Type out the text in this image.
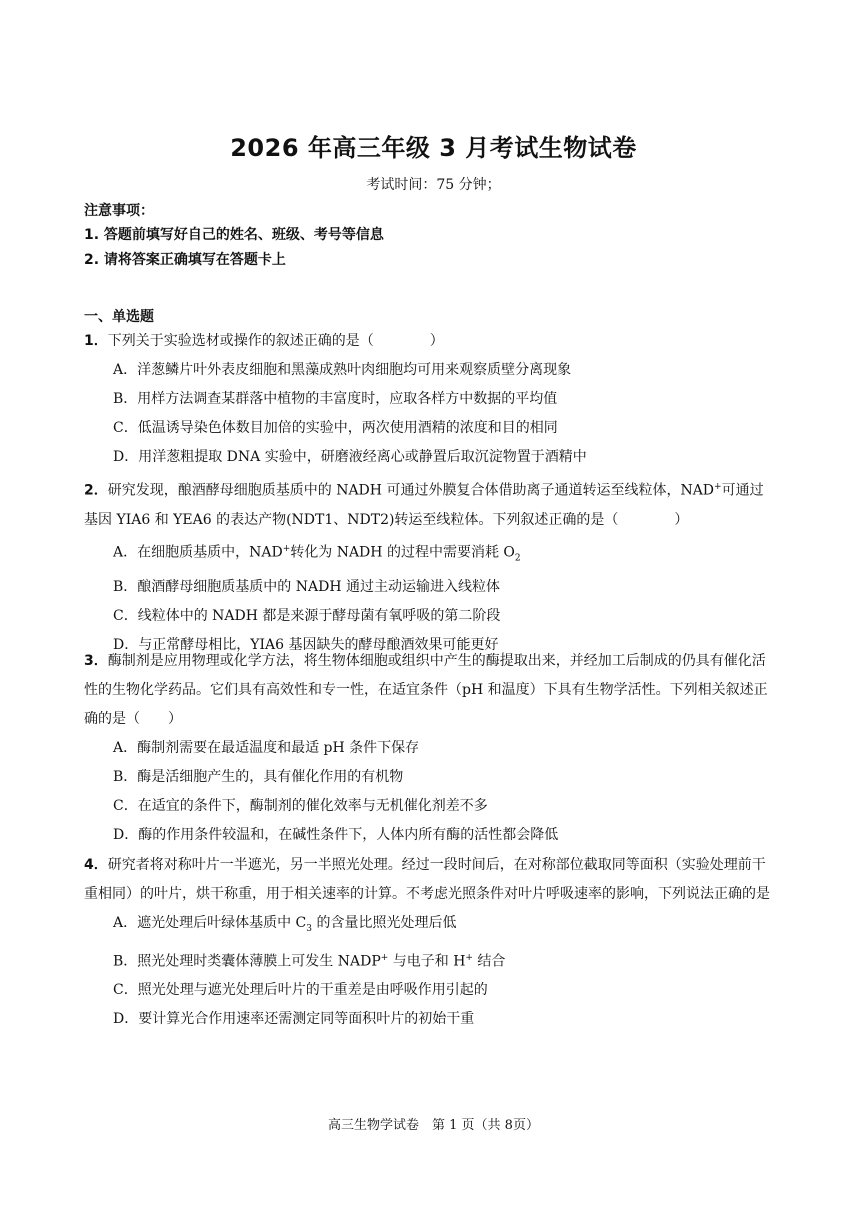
2026 年高三年级 3 月考试生物试卷
考试时间：75 分钟；
注意事项：
1. 答题前填写好自己的姓名、班级、考号等信息
2. 请将答案正确填写在答题卡上
一、单选题
1．下列关于实验选材或操作的叙述正确的是（　　　　）
A．洋葱鳞片叶外表皮细胞和黑藻成熟叶肉细胞均可用来观察质壁分离现象
B．用样方法调查某群落中植物的丰富度时，应取各样方中数据的平均值
C．低温诱导染色体数目加倍的实验中，两次使用酒精的浓度和目的相同
D．用洋葱粗提取 DNA 实验中，研磨液经离心或静置后取沉淀物置于酒精中
2．研究发现，酿酒酵母细胞质基质中的 NADH 可通过外膜复合体借助离子通道转运至线粒体，NAD+可通过基因 YIA6 和 YEA6 的表达产物(NDT1、NDT2)转运至线粒体。下列叙述正确的是（　　　　）
A．在细胞质基质中，NAD+转化为 NADH 的过程中需要消耗 $O_2$
B．酿酒酵母细胞质基质中的 NADH 通过主动运输进入线粒体
C．线粒体中的 NADH 都是来源于酵母菌有氧呼吸的第二阶段
D．与正常酵母相比，YIA6 基因缺失的酵母酿酒效果可能更好
3．酶制剂是应用物理或化学方法，将生物体细胞或组织中产生的酶提取出来，并经加工后制成的仍具有催化活性的生物化学药品。它们具有高效性和专一性，在适宜条件（pH 和温度）下具有生物学活性。下列相关叙述正确的是（　　）
A．酶制剂需要在最适温度和最适 pH 条件下保存
B．酶是活细胞产生的，具有催化作用的有机物
C．在适宜的条件下，酶制剂的催化效率与无机催化剂差不多
D．酶的作用条件较温和，在碱性条件下，人体内所有酶的活性都会降低
4．研究者将对称叶片一半遮光，另一半照光处理。经过一段时间后，在对称部位截取同等面积（实验处理前干重相同）的叶片，烘干称重，用于相关速率的计算。不考虑光照条件对叶片呼吸速率的影响，下列说法正确的是
A．遮光处理后叶绿体基质中 $C_3$ 的含量比照光处理后低
B．照光处理时类囊体薄膜上可发生 NADP+ 与电子和 H+ 结合
C．照光处理与遮光处理后叶片的干重差是由呼吸作用引起的
D．要计算光合作用速率还需测定同等面积叶片的初始干重
高三生物学试卷　第 1 页（共 8页）
